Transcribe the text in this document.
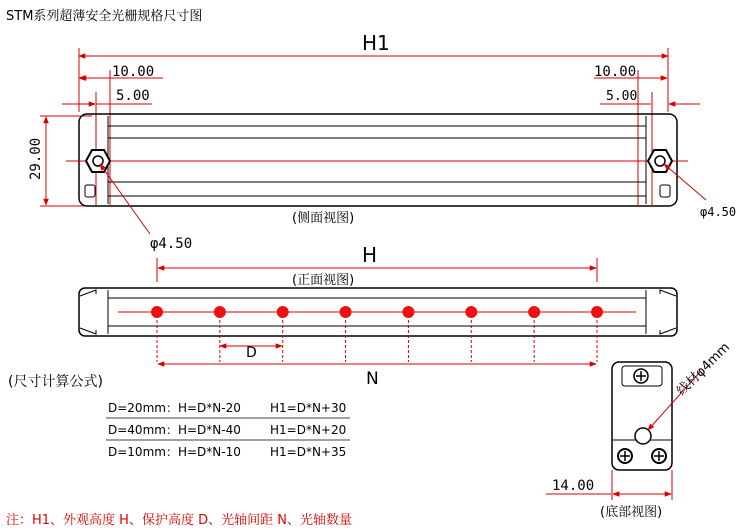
STM系列超薄安全光栅规格尺寸图
H1
10.00
5.00
10.00
5.00
29.00
φ4.50
φ4.50
(侧面视图)
H
(正面视图)
D
N
(尺寸计算公式)
D=20mm：H=D*N-20 H1=D*N+30
D=40mm：H=D*N-40 H1=D*N+20
D=10mm：H=D*N-10 H1=D*N+35
线材φ4mm
14.00
(底部视图)
注：H1、外观高度 H、保护高度 D、光轴间距 N、光轴数量
